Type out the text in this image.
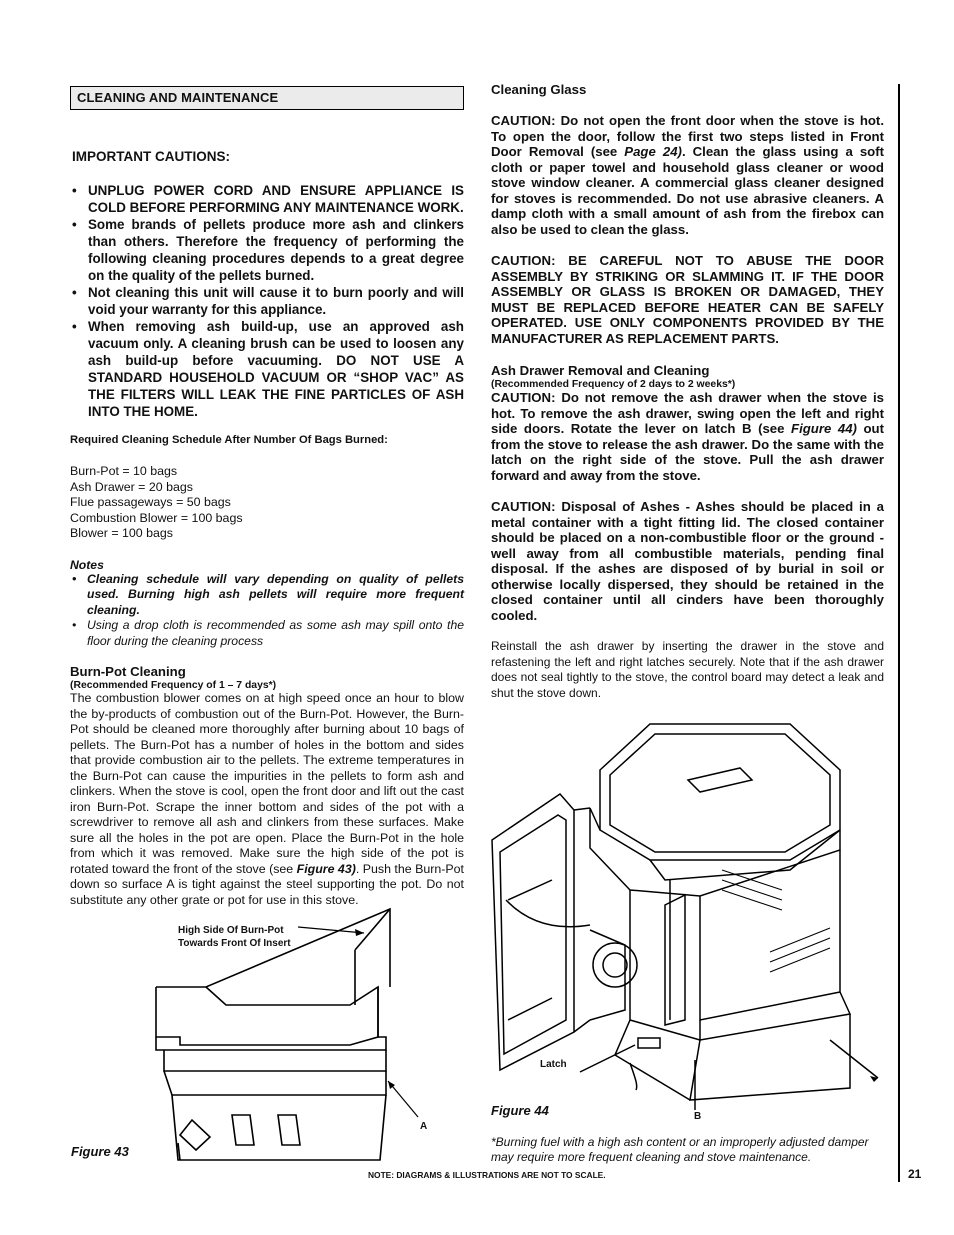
CLEANING AND MAINTENANCE
IMPORTANT CAUTIONS:
• UNPLUG POWER CORD AND ENSURE APPLIANCE IS COLD BEFORE PERFORMING ANY MAINTENANCE WORK.
• Some brands of pellets produce more ash and clinkers than others. Therefore the frequency of performing the following cleaning procedures depends to a great degree on the quality of the pellets burned.
• Not cleaning this unit will cause it to burn poorly and will void your warranty for this appliance.
• When removing ash build-up, use an approved ash vacuum only. A cleaning brush can be used to loosen any ash build-up before vacuuming. DO NOT USE A STANDARD HOUSEHOLD VACUUM OR “SHOP VAC” AS THE FILTERS WILL LEAK THE FINE PARTICLES OF ASH INTO THE HOME.
Required Cleaning Schedule After Number Of Bags Burned:
Burn-Pot = 10 bags
Ash Drawer = 20 bags
Flue passageways = 50 bags
Combustion Blower = 100 bags
Blower = 100 bags
Notes
• Cleaning schedule will vary depending on quality of pellets used. Burning high ash pellets will require more frequent cleaning.
• Using a drop cloth is recommended as some ash may spill onto the floor during the cleaning process
Burn-Pot Cleaning
(Recommended Frequency of 1 – 7 days*)
The combustion blower comes on at high speed once an hour to blow the by-products of combustion out of the Burn-Pot. However, the Burn-Pot should be cleaned more thoroughly after burning about 10 bags of pellets. The Burn-Pot has a number of holes in the bottom and sides that provide combustion air to the pellets. The extreme temperatures in the Burn-Pot can cause the impurities in the pellets to form ash and clinkers. When the stove is cool, open the front door and lift out the cast iron Burn-Pot. Scrape the inner bottom and sides of the pot with a screwdriver to remove all ash and clinkers from these surfaces. Make sure all the holes in the pot are open. Place the Burn-Pot in the hole from which it was removed. Make sure the high side of the pot is rotated toward the front of the stove (see Figure 43). Push the Burn-Pot down so surface A is tight against the steel supporting the pot. Do not substitute any other grate or pot for use in this stove.
High Side Of Burn-Pot
Towards Front Of Insert
A
Figure 43
Cleaning Glass
CAUTION: Do not open the front door when the stove is hot. To open the door, follow the first two steps listed in Front Door Removal (see Page 24). Clean the glass using a soft cloth or paper towel and household glass cleaner or wood stove window cleaner. A commercial glass cleaner designed for stoves is recommended. Do not use abrasive cleaners. A damp cloth with a small amount of ash from the firebox can also be used to clean the glass.
CAUTION: BE CAREFUL NOT TO ABUSE THE DOOR ASSEMBLY BY STRIKING OR SLAMMING IT. IF THE DOOR ASSEMBLY OR GLASS IS BROKEN OR DAMAGED, THEY MUST BE REPLACED BEFORE HEATER CAN BE SAFELY OPERATED. USE ONLY COMPONENTS PROVIDED BY THE MANUFACTURER AS REPLACEMENT PARTS.
Ash Drawer Removal and Cleaning
(Recommended Frequency of 2 days to 2 weeks*)
CAUTION: Do not remove the ash drawer when the stove is hot. To remove the ash drawer, swing open the left and right side doors. Rotate the lever on latch B (see Figure 44) out from the stove to release the ash drawer. Do the same with the latch on the right side of the stove. Pull the ash drawer forward and away from the stove.
CAUTION: Disposal of Ashes - Ashes should be placed in a metal container with a tight fitting lid. The closed container should be placed on a non-combustible floor or the ground - well away from all combustible materials, pending final disposal. If the ashes are disposed of by burial in soil or otherwise locally dispersed, they should be retained in the closed container until all cinders have been thoroughly cooled.
Reinstall the ash drawer by inserting the drawer in the stove and refastening the left and right latches securely. Note that if the ash drawer does not seal tightly to the stove, the control board may detect a leak and shut the stove down.
Latch
B
Figure 44
*Burning fuel with a high ash content or an improperly adjusted damper may require more frequent cleaning and stove maintenance.
NOTE: DIAGRAMS & ILLUSTRATIONS ARE NOT TO SCALE.	21
